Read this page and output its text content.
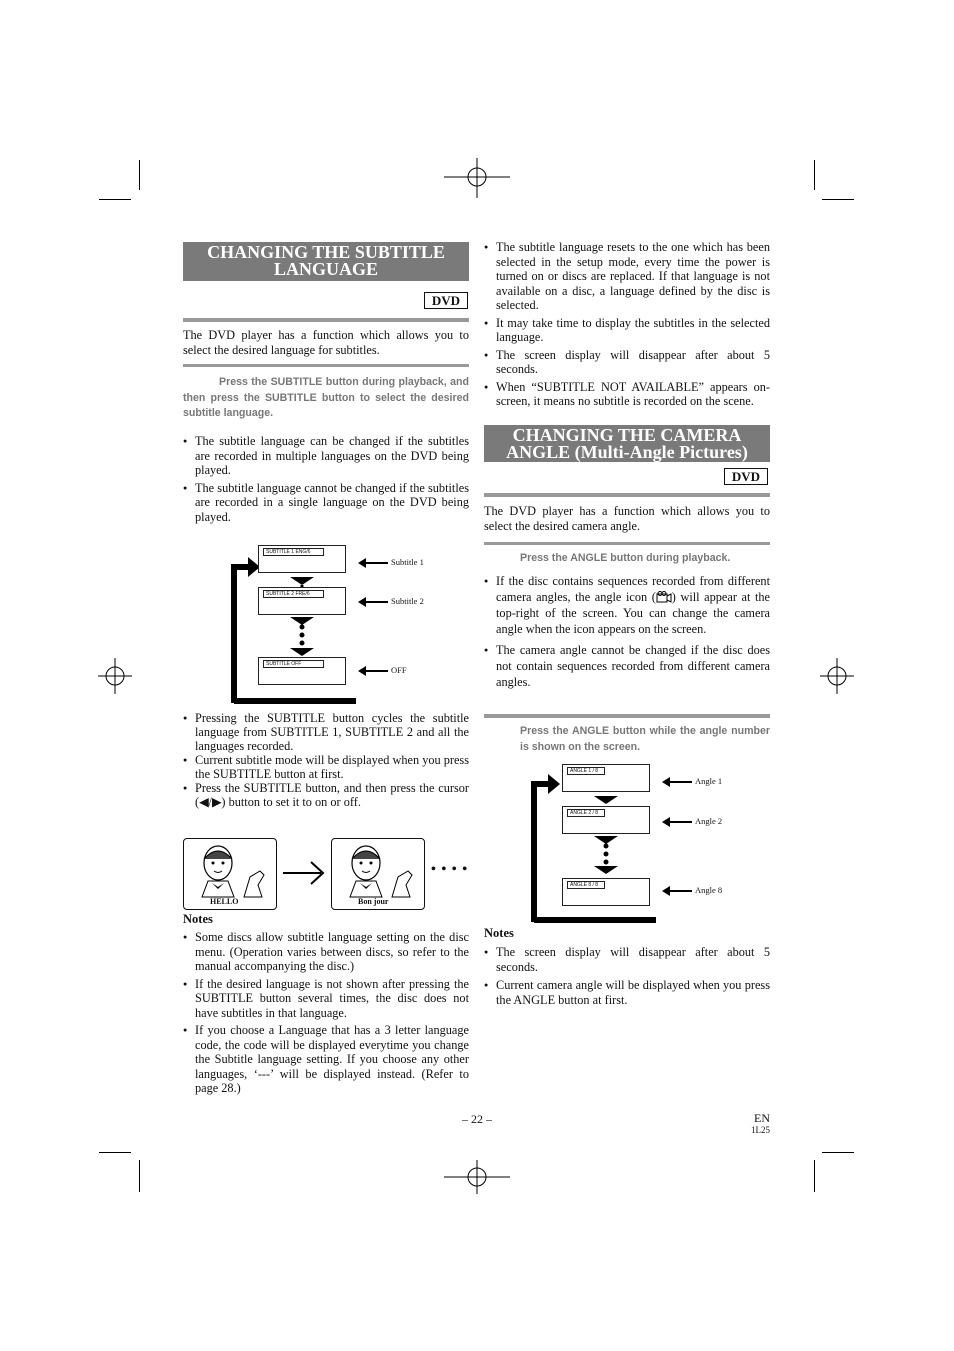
CHANGING THE SUBTITLE
LANGUAGE
DVD
The DVD player has a function which allows you to select the desired language for subtitles.
Press the SUBTITLE button during playback, and then press the SUBTITLE button to select the desired subtitle language.
● The subtitle language can be changed if the subtitles are recorded in multiple languages on the DVD being played.
● The subtitle language cannot be changed if the subtitles are recorded in a single language on the DVD being played.
SUBTITLE 1 ENG/6
SUBTITLE 2 FRE/6
SUBTITLE OFF
Subtitle 1
Subtitle 2
OFF
● Pressing the SUBTITLE button cycles the subtitle language from SUBTITLE 1, SUBTITLE 2 and all the languages recorded.
● Current subtitle mode will be displayed when you press the SUBTITLE button at first.
● Press the SUBTITLE button, and then press the cursor (◀/▶) button to set it to on or off.
HELLO	Bon jour
• • • •
Notes
● Some discs allow subtitle language setting on the disc menu. (Operation varies between discs, so refer to the manual accompanying the disc.)
● If the desired language is not shown after pressing the SUBTITLE button several times, the disc does not have subtitles in that language.
● If you choose a Language that has a 3 letter language code, the code will be displayed everytime you change the Subtitle language setting. If you choose any other languages, ‘---’ will be displayed instead. (Refer to page 28.)
● The subtitle language resets to the one which has been selected in the setup mode, every time the power is turned on or discs are replaced. If that language is not available on a disc, a language defined by the disc is selected.
● It may take time to display the subtitles in the selected language.
● The screen display will disappear after about 5 seconds.
● When “SUBTITLE NOT AVAILABLE” appears on-screen, it means no subtitle is recorded on the scene.
CHANGING THE CAMERA
ANGLE (Multi-Angle Pictures)
DVD
The DVD player has a function which allows you to select the desired camera angle.
Press the ANGLE button during playback.
● If the disc contains sequences recorded from different camera angles, the angle icon ( ) will appear at the top-right of the screen. You can change the camera angle when the icon appears on the screen.
● The camera angle cannot be changed if the disc does not contain sequences recorded from different camera angles.
Press the ANGLE button while the angle number is shown on the screen.
ANGLE 1 / 8
ANGLE 2 / 8
ANGLE 8 / 8
Angle 1
Angle 2
Angle 8
Notes
● The screen display will disappear after about 5 seconds.
● Current camera angle will be displayed when you press the ANGLE button at first.
– 22 –	EN
1L25
